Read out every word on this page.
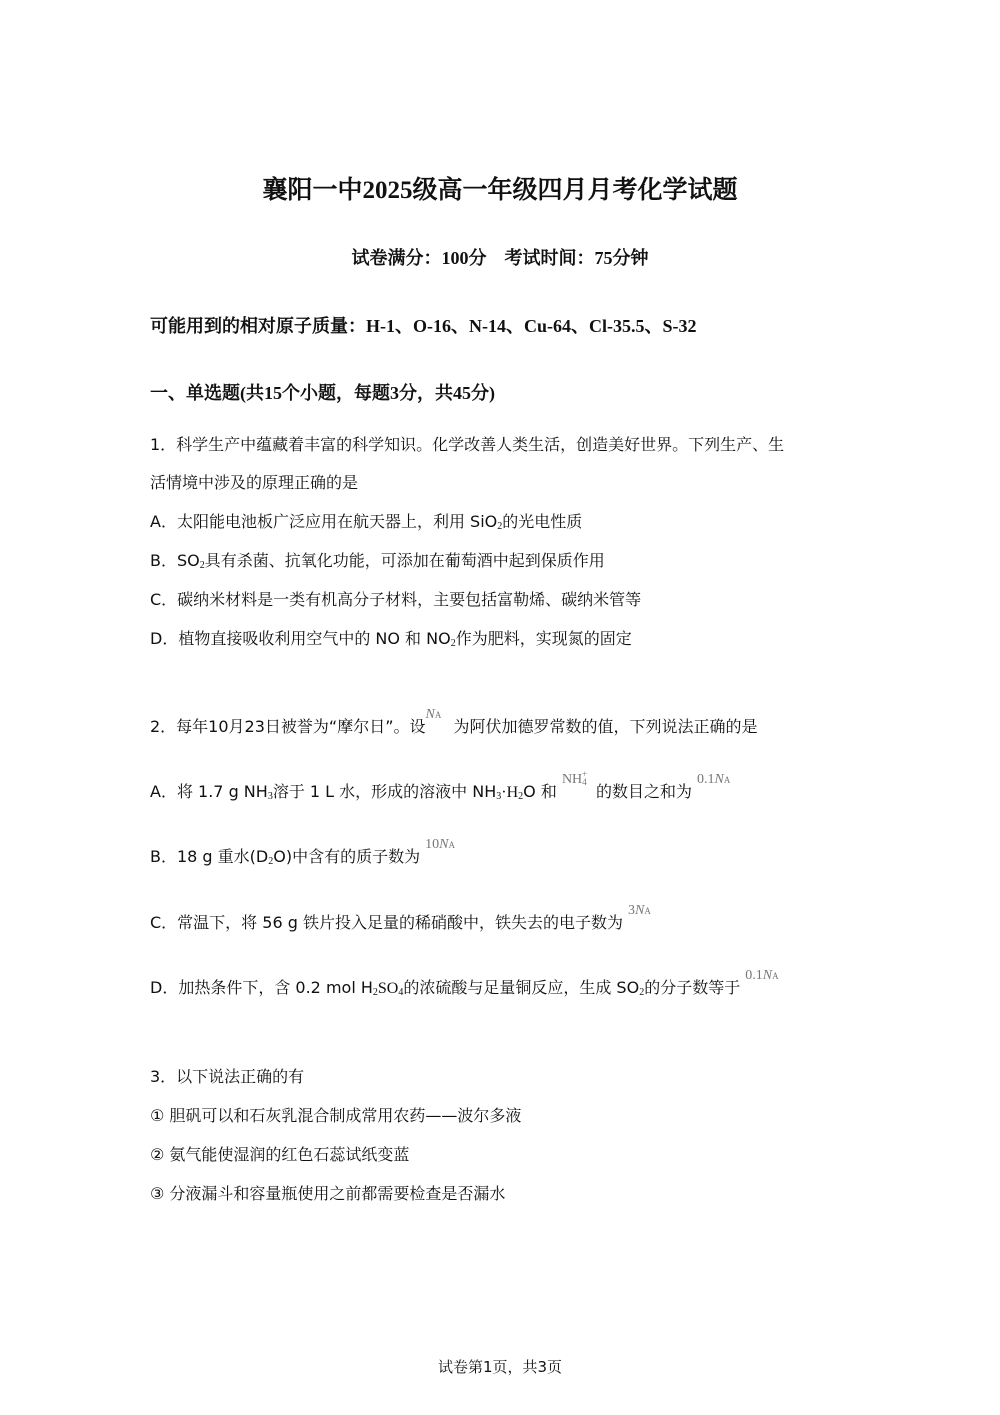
襄阳一中2025级高一年级四月月考化学试题
试卷满分：100分　考试时间：75分钟
可能用到的相对原子质量：H-1、O-16、N-14、Cu-64、Cl-35.5、S-32
一、单选题(共15个小题，每题3分，共45分)
1．科学生产中蕴藏着丰富的科学知识。化学改善人类生活，创造美好世界。下列生产、生
活情境中涉及的原理正确的是
A．太阳能电池板广泛应用在航天器上，利用 SiO$_2$的光电性质
B．$SO_2$具有杀菌、抗氧化功能，可添加在葡萄酒中起到保质作用
C．碳纳米材料是一类有机高分子材料，主要包括富勒烯、碳纳米管等
D．植物直接吸收利用空气中的 NO 和 $NO_2$作为肥料，实现氮的固定
2．每年10月23日被誉为“摩尔日”。设NA为阿伏加德罗常数的值，下列说法正确的是
A．将 1.7 g $NH_3$溶于 1 L 水，形成的溶液中 $NH_3\cdot H_2O$ 和 NH+4 的数目之和为 0.1NA
B．18 g 重水$(D_2O)$中含有的质子数为 10NA
C．常温下，将 56 g 铁片投入足量的稀硝酸中，铁失去的电子数为 3NA
D．加热条件下，含 0.2 mol $H_2SO_4$的浓硫酸与足量铜反应，生成 $SO_2$的分子数等于 0.1NA
3．以下说法正确的有
① 胆矾可以和石灰乳混合制成常用农药——波尔多液
② 氨气能使湿润的红色石蕊试纸变蓝
③ 分液漏斗和容量瓶使用之前都需要检查是否漏水
试卷第1页，共3页
